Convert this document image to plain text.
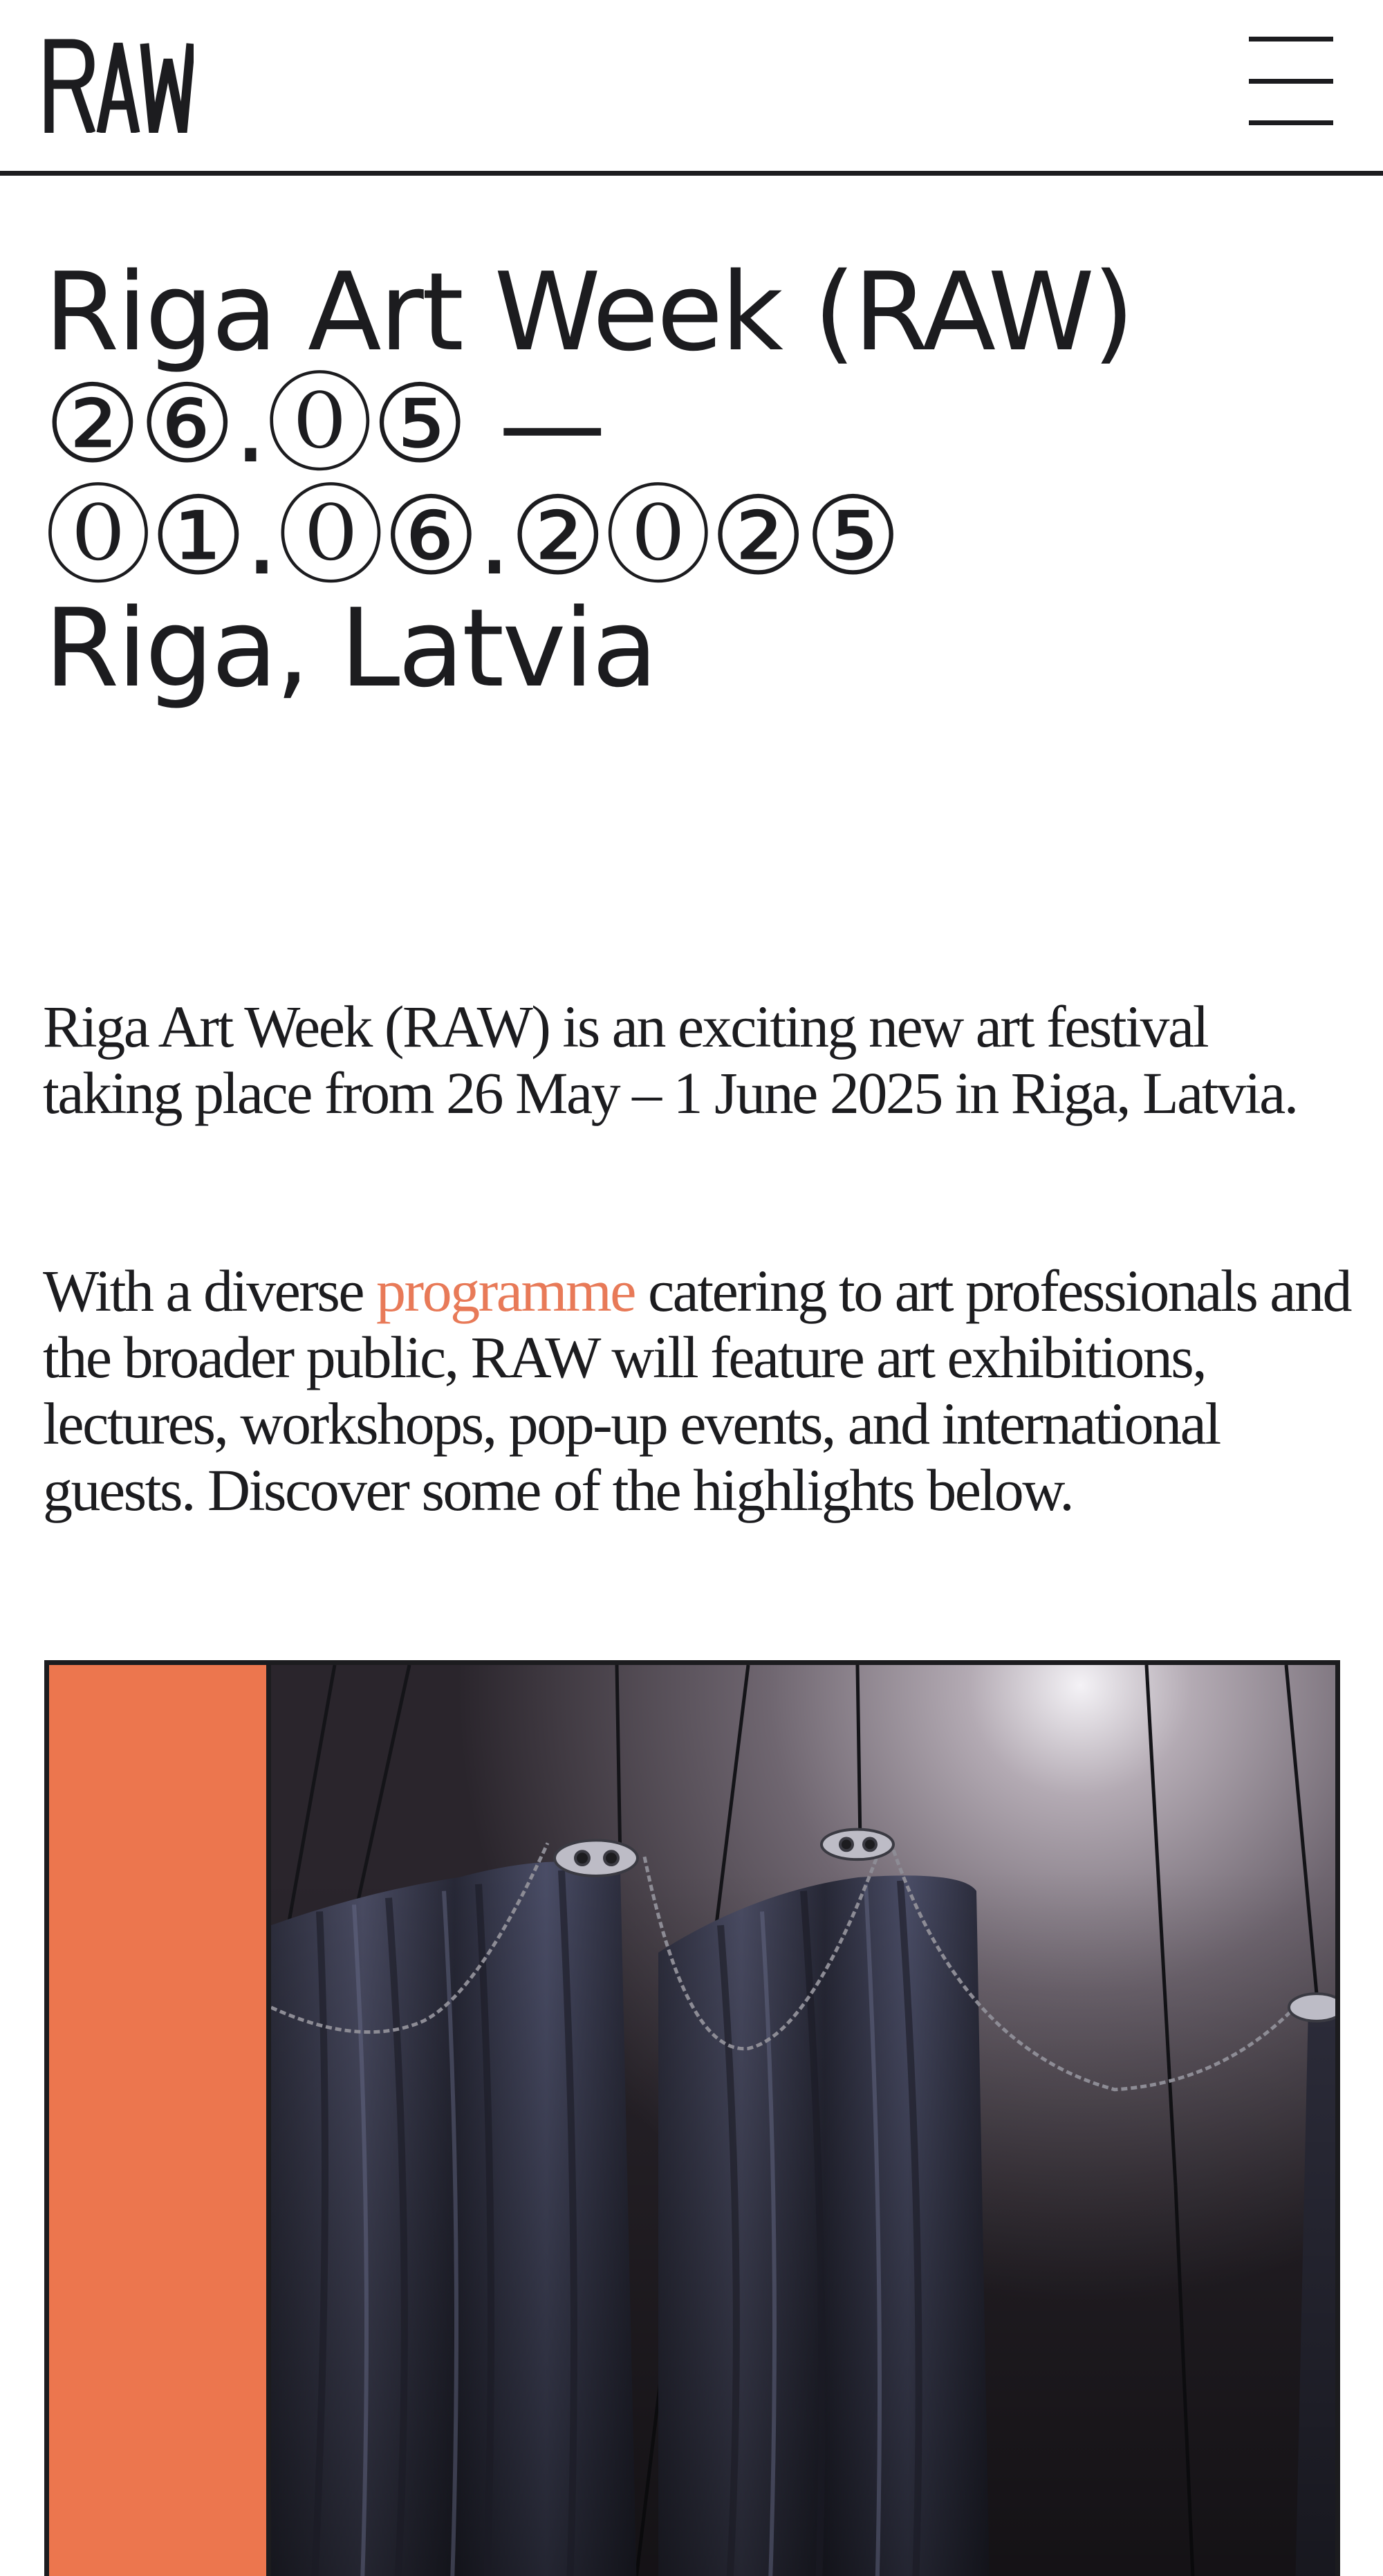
Riga Art Week (RAW)
②⑥.⓪⑤ —
⓪①.⓪⑥.②⓪②⑤
Riga, Latvia

Riga Art Week (RAW) is an exciting new art festival taking place from 26 May – 1 June 2025 in Riga, Latvia.

With a diverse programme catering to art professionals and the broader public, RAW will feature art exhibitions, lectures, workshops, pop-up events, and international guests. Discover some of the highlights below.
